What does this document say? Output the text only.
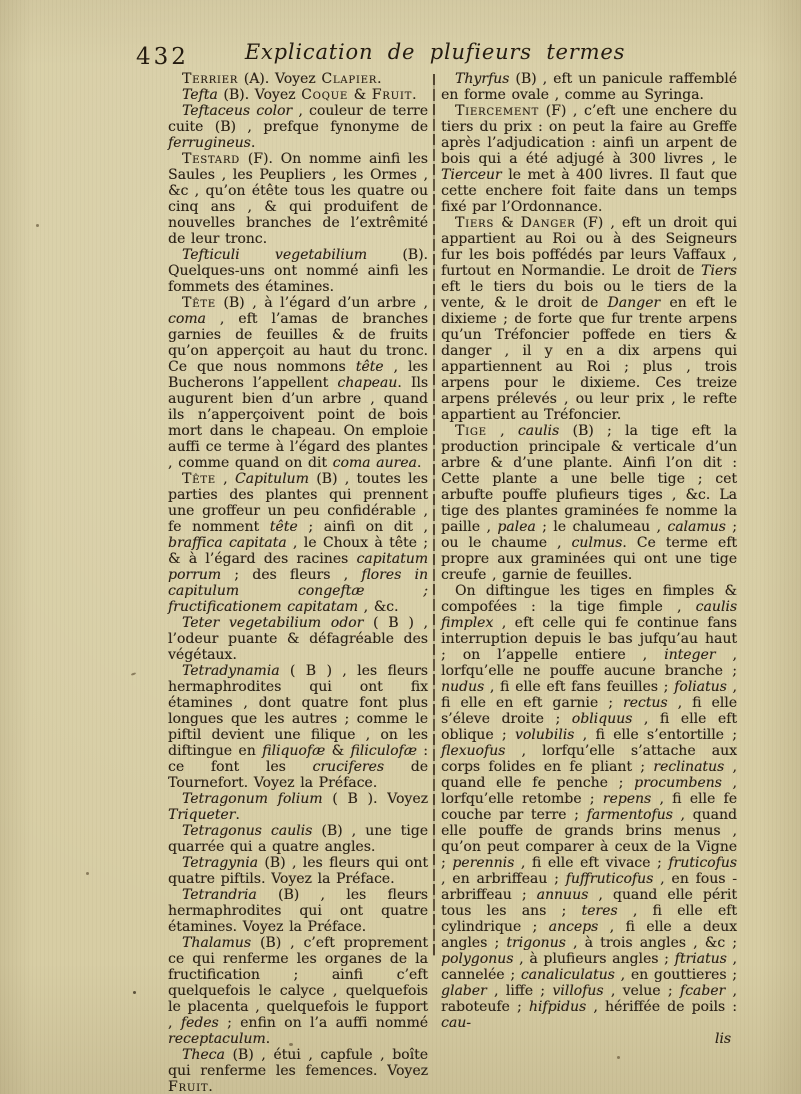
432	Explication de plufieurs termes

Terrier (A). Voyez Clapier.

Tefta (B). Voyez Coque & Fruit.

Teftaceus color , couleur de terre cuite (B) , prefque fynonyme de ferrugineus.

Testard (F). On nomme ainfi les Saules , les Peupliers , les Ormes , &c , qu’on étête tous les quatre ou cinq ans , & qui produifent de nouvelles branches de l’extrêmité de leur tronc.

Tefticuli vegetabilium (B). Quelques-uns ont nommé ainfi les fommets des étamines.

Tête (B) , à l’égard d’un arbre , coma , eft l’amas de branches garnies de feuilles & de fruits qu’on apperçoit au haut du tronc. Ce que nous nommons tête , les Bucherons l’appellent chapeau. Ils augurent bien d’un arbre , quand ils n’apperçoivent point de bois mort dans le chapeau. On emploie auffi ce terme à l’égard des plantes , comme quand on dit coma aurea.

Tête , Capitulum (B) , toutes les parties des plantes qui prennent une groffeur un peu confidérable , fe nomment tête ; ainfi on dit , braffica capitata , le Choux à tête ; & à l’égard des racines capitatum porrum ; des fleurs , flores in capitulum congeftæ ; fructificationem capitatam , &c.

Teter vegetabilium odor ( B ) , l’odeur puante & défagréable des végétaux.

Tetradynamia ( B ) , les fleurs hermaphrodites qui ont fix étamines , dont quatre font plus longues que les autres ; comme le piftil devient une filique , on les diftingue en filiquofæ & filiculofæ : ce font les cruciferes de Tournefort. Voyez la Préface.

Tetragonum folium ( B ). Voyez Triqueter.

Tetragonus caulis (B) , une tige quarrée qui a quatre angles.

Tetragynia (B) , les fleurs qui ont quatre piftils. Voyez la Préface.

Tetrandria (B) , les fleurs hermaphrodites qui ont quatre étamines. Voyez la Préface.

Thalamus (B) , c’eft proprement ce qui renferme les organes de la fructification ; ainfi c’eft quelquefois le calyce , quelquefois le placenta , quelquefois le fupport , fedes ; enfin on l’a auffi nommé receptaculum.

Theca (B) , étui , capfule , boîte qui renferme les femences. Voyez Fruit.

Thyrfus (B) , eft un panicule raffemblé en forme ovale , comme au Syringa.

Tiercement (F) , c’eft une enchere du tiers du prix : on peut la faire au Greffe après l’adjudication : ainfi un arpent de bois qui a été adjugé à 300 livres , le Tierceur le met à 400 livres. Il faut que cette enchere foit faite dans un temps fixé par l’Ordonnance.

Tiers & Danger (F) , eft un droit qui appartient au Roi ou à des Seigneurs fur les bois poffédés par leurs Vaffaux , furtout en Normandie. Le droit de Tiers eft le tiers du bois ou le tiers de la vente, & le droit de Danger en eft le dixieme ; de forte que fur trente arpens qu’un Tréfoncier poffede en tiers & danger , il y en a dix arpens qui appartiennent au Roi ; plus , trois arpens pour le dixieme. Ces treize arpens prélevés , ou leur prix , le refte appartient au Tréfoncier.

Tige , caulis (B) ; la tige eft la production principale & verticale d’un arbre & d’une plante. Ainfi l’on dit : Cette plante a une belle tige ; cet arbufte pouffe plufieurs tiges , &c. La tige des plantes graminées fe nomme la paille , palea ; le chalumeau , calamus ; ou le chaume , culmus. Ce terme eft propre aux graminées qui ont une tige creufe , garnie de feuilles.

On diftingue les tiges en fimples & compofées : la tige fimple , caulis fimplex , eft celle qui fe continue fans interruption depuis le bas jufqu’au haut ; on l’appelle entiere , integer , lorfqu’elle ne pouffe aucune branche ; nudus , fi elle eft fans feuilles ; foliatus , fi elle en eft garnie ; rectus , fi elle s’éleve droite ; obliquus , fi elle eft oblique ; volubilis , fi elle s’entortille ; flexuofus , lorfqu’elle s’attache aux corps folides en fe pliant ; reclinatus , quand elle fe penche ; procumbens , lorfqu’elle retombe ; repens , fi elle fe couche par terre ; farmentofus , quand elle pouffe de grands brins menus , qu’on peut comparer à ceux de la Vigne ; perennis , fi elle eft vivace ; fruticofus , en arbriffeau ; fuffruticofus , en fous - arbriffeau ; annuus , quand elle périt tous les ans ; teres , fi elle eft cylindrique ; anceps , fi elle a deux angles ; trigonus , à trois angles , &c ; polygonus , à plufieurs angles ; ftriatus , cannelée ; canaliculatus , en gouttieres ; glaber , liffe ; villofus , velue ; fcaber , raboteufe ; hifpidus , hériffée de poils : cau-

lis
